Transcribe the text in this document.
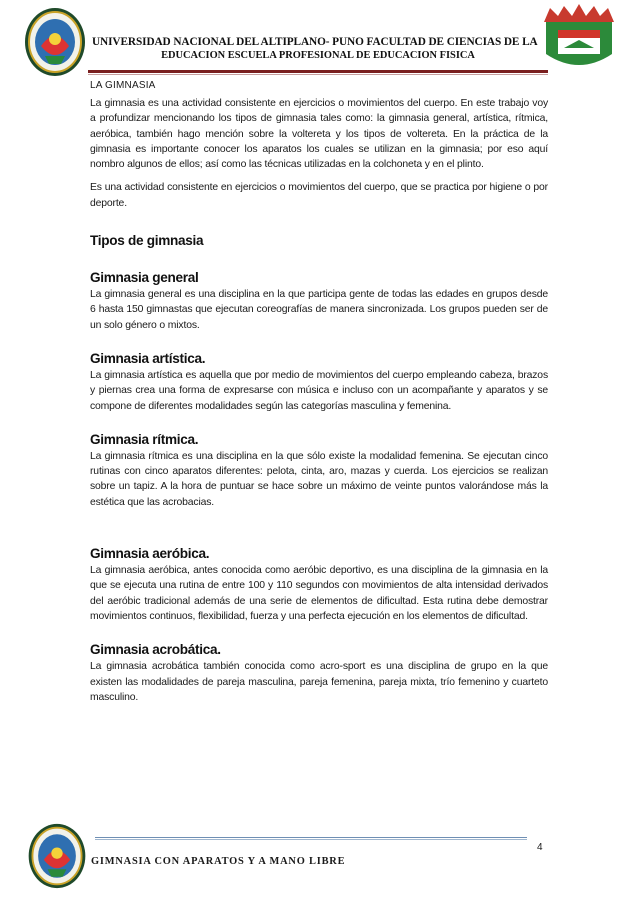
UNIVERSIDAD NACIONAL DEL ALTIPLANO- PUNO FACULTAD DE CIENCIAS DE LA
EDUCACION ESCUELA PROFESIONAL DE EDUCACION FISICA
LA GIMNASIA

La gimnasia es una actividad consistente en ejercicios o movimientos del cuerpo. En este trabajo voy a profundizar mencionando los tipos de gimnasia tales como: la gimnasia general, artística, rítmica, aeróbica, también hago mención sobre la voltereta y los tipos de voltereta. En la práctica de la gimnasia es importante conocer los aparatos los cuales se utilizan en la gimnasia; por eso aquí nombro algunos de ellos; así como las técnicas utilizadas en la colchoneta y en el plinto.

Es una actividad consistente en ejercicios o movimientos del cuerpo, que se practica por higiene o por deporte.

Tipos de gimnasia
Gimnasia general

La gimnasia general es una disciplina en la que participa gente de todas las edades en grupos desde 6 hasta 150 gimnastas que ejecutan coreografías de manera sincronizada. Los grupos pueden ser de un solo género o mixtos.

Gimnasia artística.

La gimnasia artística es aquella que por medio de movimientos del cuerpo empleando cabeza, brazos y piernas crea una forma de expresarse con música e incluso con un acompañante y aparatos y se compone de diferentes modalidades según las categorías masculina y femenina.

Gimnasia rítmica.

La gimnasia rítmica es una disciplina en la que sólo existe la modalidad femenina. Se ejecutan cinco rutinas con cinco aparatos diferentes: pelota, cinta, aro, mazas y cuerda. Los ejercicios se realizan sobre un tapiz. A la hora de puntuar se hace sobre un máximo de veinte puntos valorándose más la estética que las acrobacias.

Gimnasia aeróbica.

La gimnasia aeróbica, antes conocida como aeróbic deportivo, es una disciplina de la gimnasia en la que se ejecuta una rutina de entre 100 y 110 segundos con movimientos de alta intensidad derivados del aeróbic tradicional además de una serie de elementos de dificultad. Esta rutina debe demostrar movimientos continuos, flexibilidad, fuerza y una perfecta ejecución en los elementos de dificultad.

Gimnasia acrobática.

La gimnasia acrobática también conocida como acro-sport es una disciplina de grupo en la que existen las modalidades de pareja masculina, pareja femenina, pareja mixta, trío femenino y cuarteto masculino.

4
GIMNASIA CON APARATOS Y A MANO LIBRE
